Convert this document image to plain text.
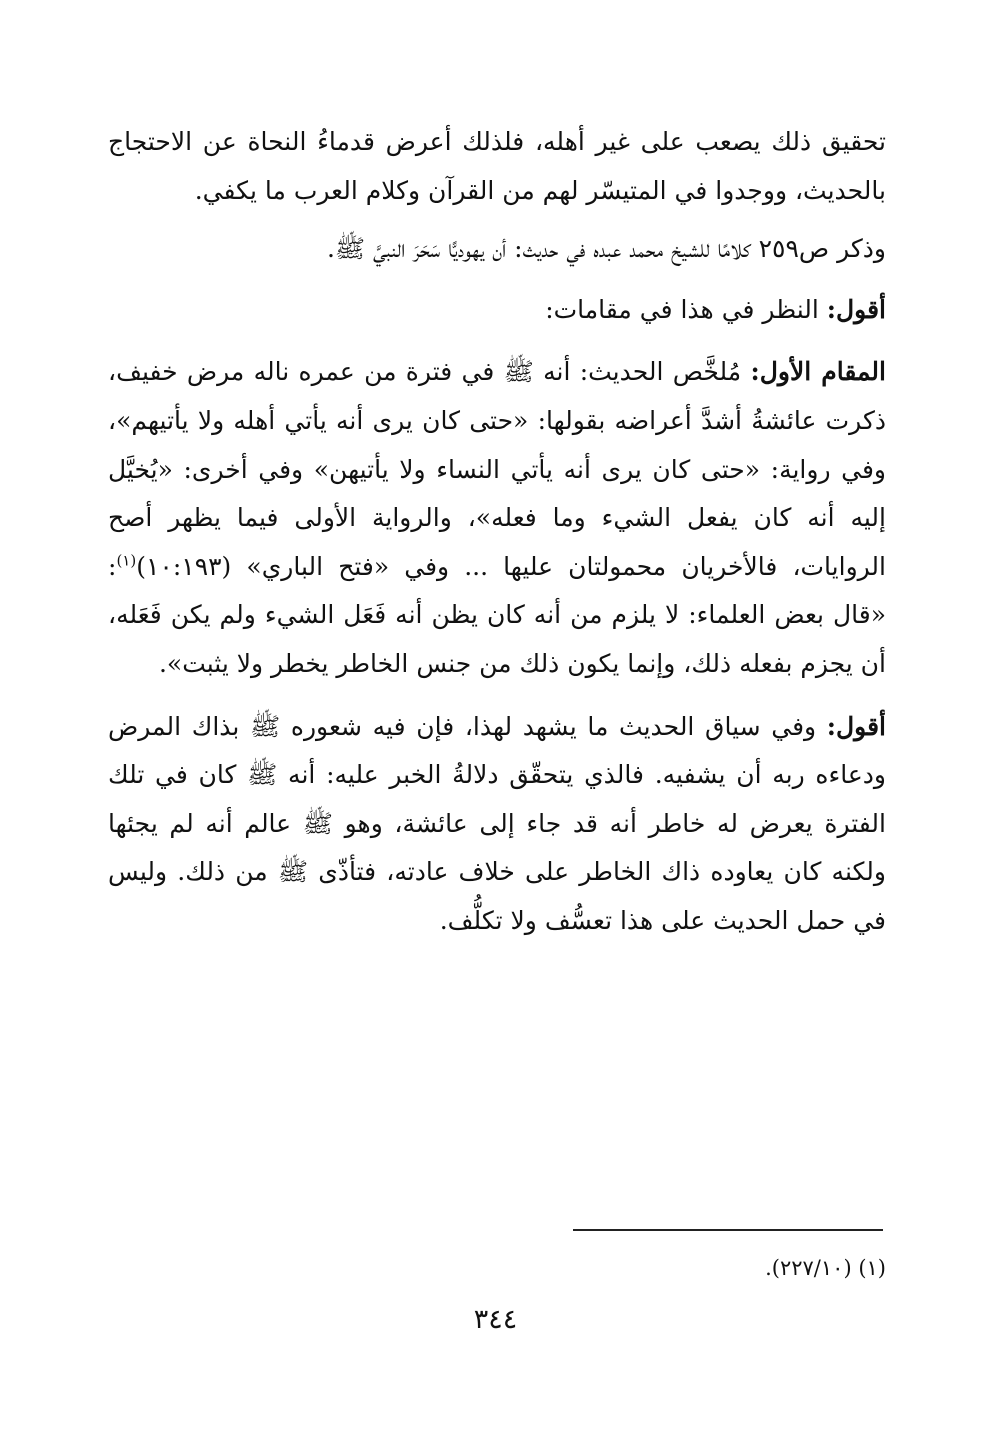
تحقيق ذلك يصعب على غير أهله، فلذلك أعرض قدماءُ النحاة عن الاحتجاج بالحديث، ووجدوا في المتيسّر لهم من القرآن وكلام العرب ما يكفي.

وذكر ص٢٥٩ كلامًا للشيخ محمد عبده في حديث: أن يهوديًّا سَحَرَ النبيَّ ﷺ.

أقول: النظر في هذا في مقامات:

المقام الأول: مُلخَّص الحديث: أنه ﷺ في فترة من عمره ناله مرض خفيف، ذكرت عائشةُ أشدَّ أعراضه بقولها: «حتى كان يرى أنه يأتي أهله ولا يأتيهم»، وفي رواية: «حتى كان يرى أنه يأتي النساء ولا يأتيهن» وفي أخرى: «يُخيَّل إليه أنه كان يفعل الشيء وما فعله»، والرواية الأولى فيما يظهر أصح الروايات، فالأخريان محمولتان عليها ... وفي «فتح الباري» (١٠:١٩٣)$^{(١)}$: «قال بعض العلماء: لا يلزم من أنه كان يظن أنه فَعَل الشيء ولم يكن فَعَله، أن يجزم بفعله ذلك، وإنما يكون ذلك من جنس الخاطر يخطر ولا يثبت».

أقول: وفي سياق الحديث ما يشهد لهذا، فإن فيه شعوره ﷺ بذاك المرض ودعاءه ربه أن يشفيه. فالذي يتحقّق دلالةُ الخبر عليه: أنه ﷺ كان في تلك الفترة يعرض له خاطر أنه قد جاء إلى عائشة، وهو ﷺ عالم أنه لم يجئها ولكنه كان يعاوده ذاك الخاطر على خلاف عادته، فتأذّى ﷺ من ذلك. وليس في حمل الحديث على هذا تعسُّف ولا تكلُّف.

(١) (٢٢٧/١٠).
٣٤٤
